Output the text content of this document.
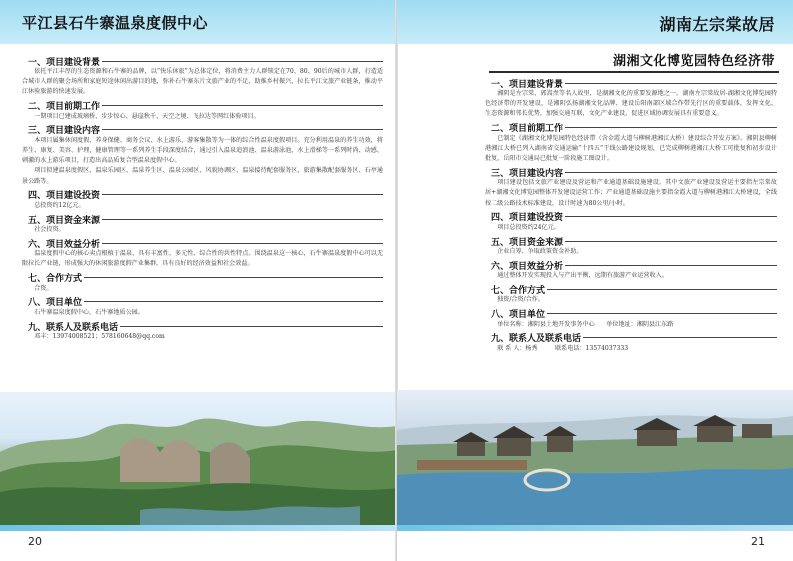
平江县石牛寨温泉度假中心
一、项目建设背景

依托平江丰厚的生态资源和石牛寨的品牌，以“快乐休旅”为总体定位，将消费主力人群锁定在70、80、90后的城市人群，打造适合城市人群的聚会场所和家庭短途休闲出游目的地，弥补石牛寨东片文旅产业的不足，助推乡村振兴，拉长平江文旅产业链条，推动平江休验旅游的快速发展。

二、项目前期工作

一期项目已建成玻璃桥、步步惊心、悬崖秋千、天空之境、飞拉达等网红体验项目。

三、项目建设内容

本项目属集休闲度假、养身保健、商务会议、水上游乐、游客集散等为一体的综合性温泉度假项目。充分利用温泉的养生功效，将养生、康复、美容、护理，健康管理等一系列养生手段深度结合，通过引入温泉追浪池、温泉游泳池、水上滑梯等一系列时尚、动感、刺激的水上游乐项目，打造出高品质复合型温泉度假中心。

项目拟建温泉度假区、温泉乐园区、温泉养生区、温泉公园区、风貌协调区、温泉接待配套服务区、旅游集散配套服务区、石亭通景公路等。

四、项目建设投资

总投资约12亿元。

五、项目资金来源

社会投资。

六、项目效益分析

温泉度假中心的核心卖点根植于温泉，具有丰富性、多元性、综合性的共性特点。围绕温泉这一核心，石牛寨温泉度假中心可以无限拉长产业链，形成强大的休闲旅游度假产业集群，具有良好的经济效益和社会效益。

七、合作方式

合资。

八、项目单位

石牛寨温泉度假中心，石牛寨地质公园。

九、联系人及联系电话

邓丰：13974008521；578160648@qq.com

20
湖南左宗棠故居
湖湘文化博览园特色经济带
一、项目建设背景

湘阴是左宗棠、郭嵩焘等名人故里，是湖湘文化的重要发源地之一。湖南左宗棠故居-湖湘文化博览园特色经济带的开发建设，是湘阴弘扬湖湘文化品牌、建设岳阳南部区域合作带先行区的重要载体，发挥文化、生态资源和邻长优势，加强交通互联，文化产业建设，促进区域协调发展具有重要意义。

二、项目前期工作

已制定《湖湘文化博览园特色经济带（含金霞大道与柳树港湘江大桥）建设综合开发方案》。湘阴县柳树港湘江大桥已列入湖南省交通运输“十四五”干线公路建设规划，已完成柳树港湘江大桥工可批复和初步设计批复，岳阳市交通局已批复一阶段施工图设计。

三、项目建设内容

项目建设包括文旅产业建设及营运和产业通道基础设施建设。其中文旅产业建设及营运主要指左宗棠故居+湖湘文化博览园整体开发建设运营工作；产业通道基础设施主要指金霞大道与柳树港湘江大桥建设，全线按二级公路技术标准建设，设计时速为80公里/小时。

四、项目建设投资

项目总投资约24亿元。

五、项目资金来源

企业自筹、争取政策资金补助。

六、项目效益分析

通过整体开发实现投入与产出平衡，远期有旅游产业运营收入。

七、合作方式

独资/合资/合作。

八、项目单位

单位名称：湘阴县土地开发事务中心      单位地址：湘阴县江东路

九、联系人及联系电话

联 系 人：杨秀         联系电话：13574037333

21
